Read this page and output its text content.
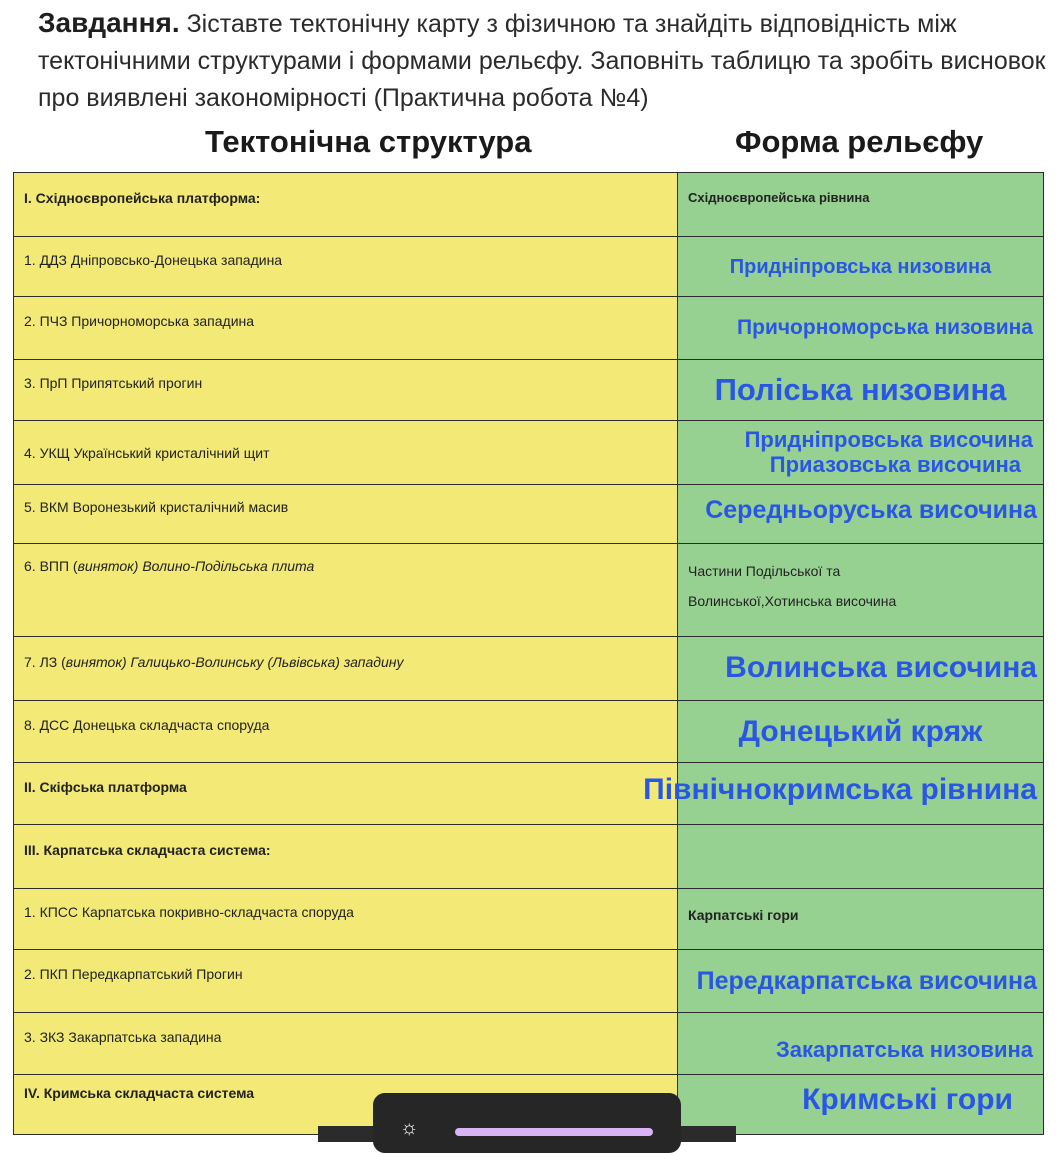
Завдання. Зіставте тектонічну карту з фізичною та знайдіть відповідність між тектонічними структурами і формами рельєфу. Заповніть таблицю та зробіть висновок про виявлені закономірності (Практична робота №4)
Тектонічна структура	Форма рельєфу
I. Східноєвропейська платформа:	Східноєвропейська рівнина

1. ДДЗ Дніпровсько-Донецька западина	Придніпровська низовина

2. ПЧЗ Причорноморська западина	Причорноморська низовина

3. ПрП Припятський прогин	Поліська низовина

4. УКЩ Український кристалічний щит	Придніпровська височина
Приазовська височина

5. ВКМ Воронезький кристалічний масив	Середньоруська височина

6. ВПП (виняток) Волино-Подільська плита	Частини Подільської та
Волинської,Хотинська височина

7. ЛЗ (виняток) Галицько-Волинську (Львівська) западину	Волинська височина

8. ДСС Донецька складчаста споруда	Донецький кряж

II. Скіфська платформа	Північнокримська рівнина

III. Карпатська складчаста система:	

1. КПСС Карпатська покривно-складчаста споруда	Карпатські гори

2. ПКП Передкарпатський Прогин	Передкарпатська височина

3. ЗКЗ Закарпатська западина	Закарпатська низовина

IV. Кримська складчаста система	Кримські гори
☼
